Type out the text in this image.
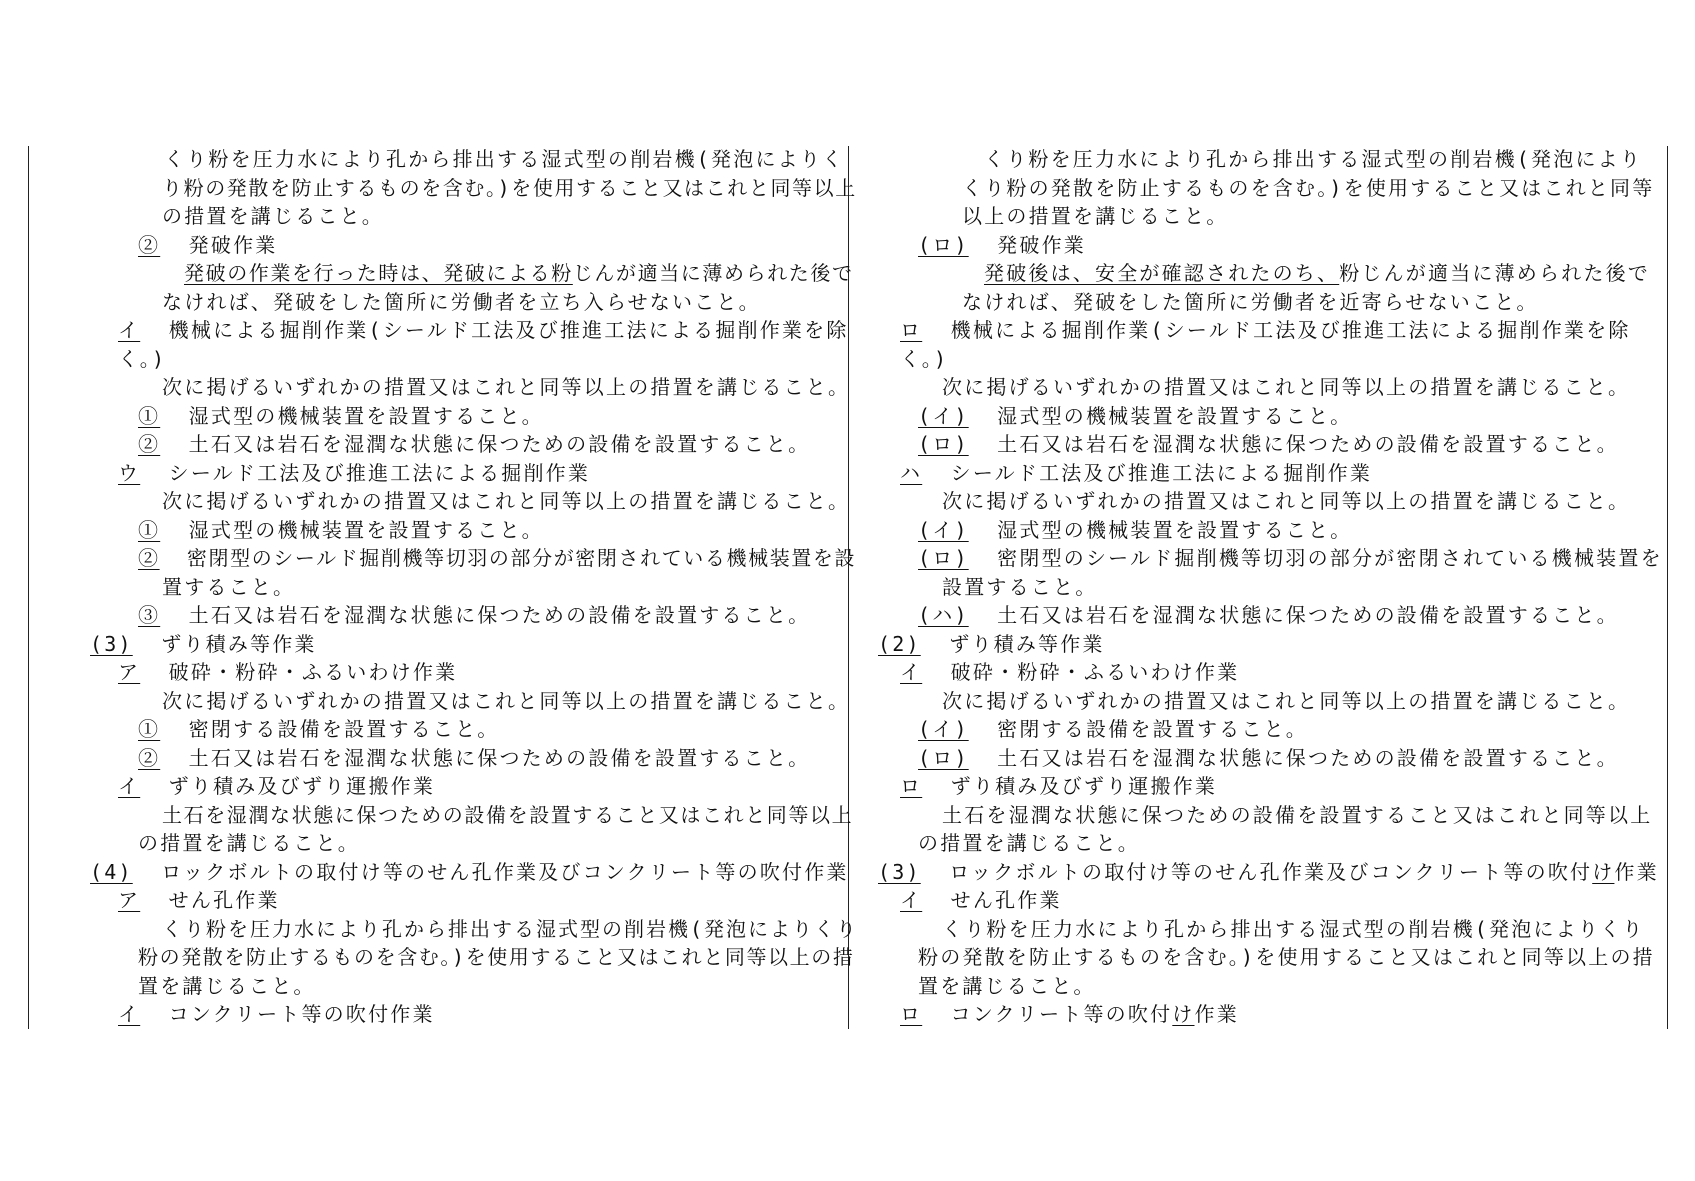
くり粉を圧力水により孔から排出する湿式型の削岩機(発泡によりく
り粉の発散を防止するものを含む。)を使用すること又はこれと同等以上
の措置を講じること。
②  発破作業
発破の作業を行った時は、発破による粉じんが適当に薄められた後で
なければ、発破をした箇所に労働者を立ち入らせないこと。
イ  機械による掘削作業(シールド工法及び推進工法による掘削作業を除
く。)
次に掲げるいずれかの措置又はこれと同等以上の措置を講じること。
①  湿式型の機械装置を設置すること。
②  土石又は岩石を湿潤な状態に保つための設備を設置すること。
ウ  シールド工法及び推進工法による掘削作業
次に掲げるいずれかの措置又はこれと同等以上の措置を講じること。
①  湿式型の機械装置を設置すること。
②  密閉型のシールド掘削機等切羽の部分が密閉されている機械装置を設
置すること。
③  土石又は岩石を湿潤な状態に保つための設備を設置すること。
(3)  ずり積み等作業
ア  破砕・粉砕・ふるいわけ作業
次に掲げるいずれかの措置又はこれと同等以上の措置を講じること。
①  密閉する設備を設置すること。
②  土石又は岩石を湿潤な状態に保つための設備を設置すること。
イ  ずり積み及びずり運搬作業
土石を湿潤な状態に保つための設備を設置すること又はこれと同等以上
の措置を講じること。
(4)  ロックボルトの取付け等のせん孔作業及びコンクリート等の吹付作業
ア  せん孔作業
くり粉を圧力水により孔から排出する湿式型の削岩機(発泡によりくり
粉の発散を防止するものを含む。)を使用すること又はこれと同等以上の措
置を講じること。
イ  コンクリート等の吹付作業
くり粉を圧力水により孔から排出する湿式型の削岩機(発泡により
くり粉の発散を防止するものを含む。)を使用すること又はこれと同等
以上の措置を講じること。
(ロ)  発破作業
発破後は、安全が確認されたのち、粉じんが適当に薄められた後で
なければ、発破をした箇所に労働者を近寄らせないこと。
ロ  機械による掘削作業(シールド工法及び推進工法による掘削作業を除
く。)
次に掲げるいずれかの措置又はこれと同等以上の措置を講じること。
(イ)  湿式型の機械装置を設置すること。
(ロ)  土石又は岩石を湿潤な状態に保つための設備を設置すること。
ハ  シールド工法及び推進工法による掘削作業
次に掲げるいずれかの措置又はこれと同等以上の措置を講じること。
(イ)  湿式型の機械装置を設置すること。
(ロ)  密閉型のシールド掘削機等切羽の部分が密閉されている機械装置を
設置すること。
(ハ)  土石又は岩石を湿潤な状態に保つための設備を設置すること。
(2)  ずり積み等作業
イ  破砕・粉砕・ふるいわけ作業
次に掲げるいずれかの措置又はこれと同等以上の措置を講じること。
(イ)  密閉する設備を設置すること。
(ロ)  土石又は岩石を湿潤な状態に保つための設備を設置すること。
ロ  ずり積み及びずり運搬作業
土石を湿潤な状態に保つための設備を設置すること又はこれと同等以上
の措置を講じること。
(3)  ロックボルトの取付け等のせん孔作業及びコンクリート等の吹付け作業
イ  せん孔作業
くり粉を圧力水により孔から排出する湿式型の削岩機(発泡によりくり
粉の発散を防止するものを含む。)を使用すること又はこれと同等以上の措
置を講じること。
ロ  コンクリート等の吹付け作業
